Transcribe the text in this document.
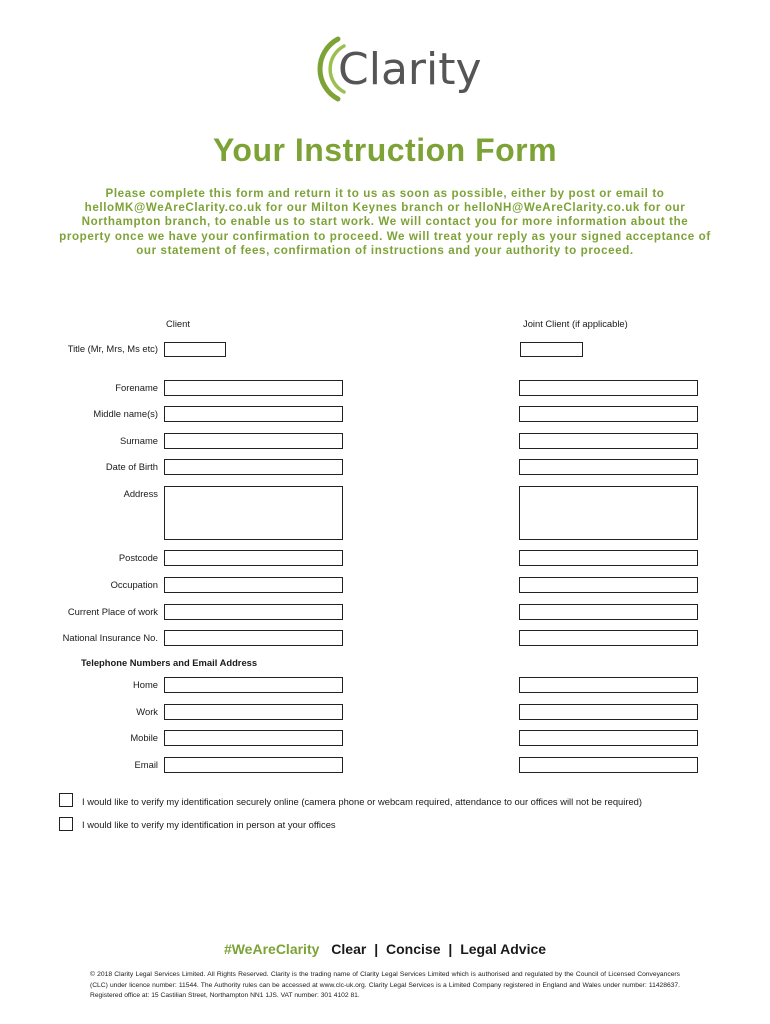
Clarity
Your Instruction Form
Please complete this form and return it to us as soon as possible, either by post or email to helloMK@WeAreClarity.co.uk for our Milton Keynes branch or helloNH@WeAreClarity.co.uk for our Northampton branch, to enable us to start work. We will contact you for more information about the property once we have your confirmation to proceed. We will treat your reply as your signed acceptance of our statement of fees, confirmation of instructions and your authority to proceed.
Client	Joint Client (if applicable)
Title (Mr, Mrs, Ms etc)
Forename
Middle name(s)
Surname
Date of Birth
Address
Postcode
Occupation
Current Place of work
National Insurance No.
Telephone Numbers and Email Address
Home
Work
Mobile
Email
I would like to verify my identification securely online (camera phone or webcam required, attendance to our offices will not be required)
I would like to verify my identification in person at your offices
#WeAreClarity Clear | Concise | Legal Advice
© 2018 Clarity Legal Services Limited. All Rights Reserved. Clarity is the trading name of Clarity Legal Services Limited which is authorised and regulated by the Council of Licensed Conveyancers (CLC) under licence number: 11544. The Authority rules can be accessed at www.clc-uk.org. Clarity Legal Services is a Limited Company registered in England and Wales under number: 11428637. Registered office at: 15 Castilian Street, Northampton NN1 1JS. VAT number: 301 4102 81.
